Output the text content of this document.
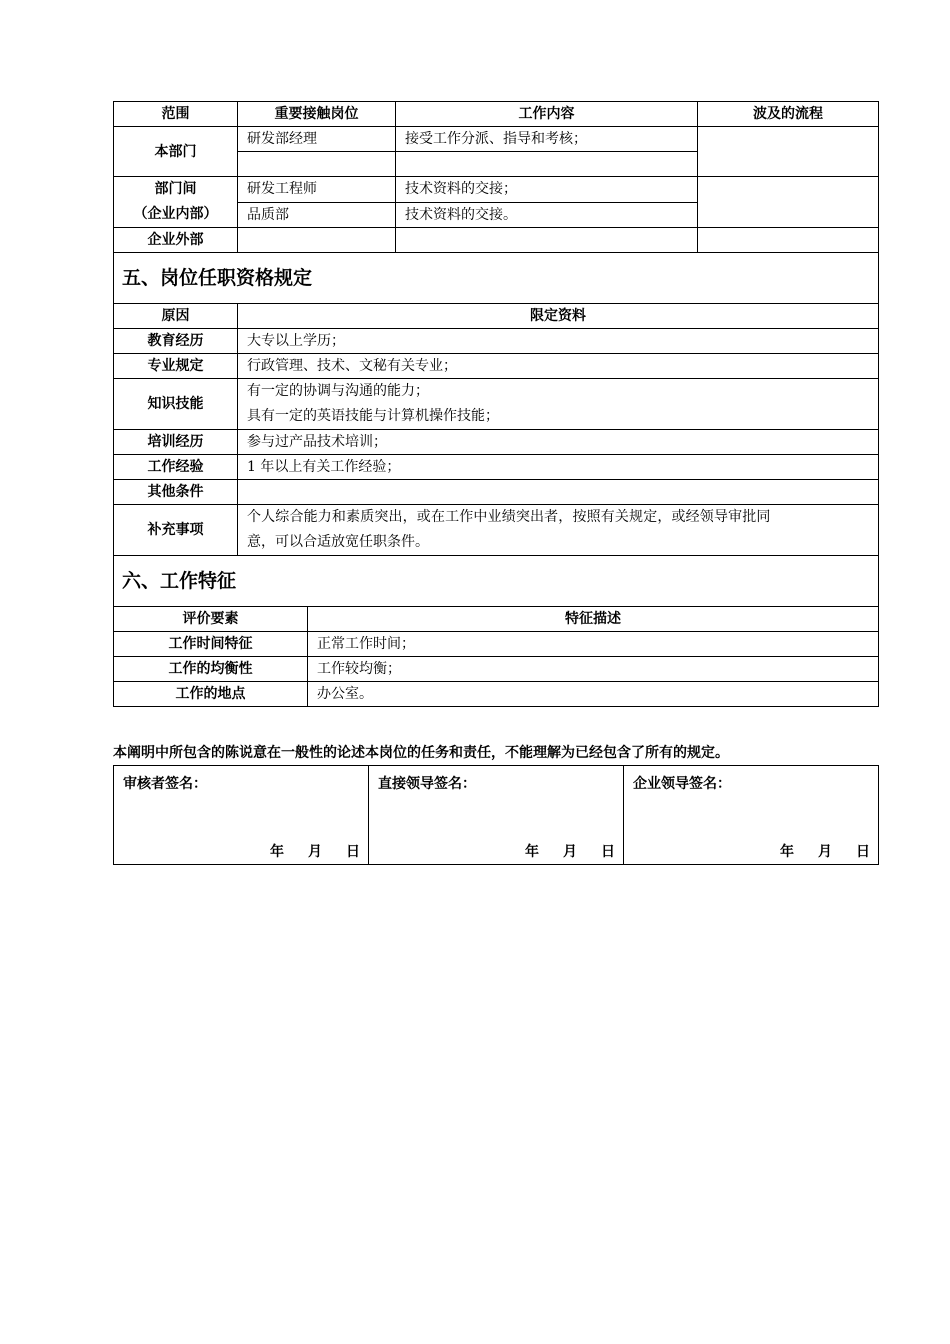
范围	重要接触岗位		工作内容	波及的流程
本部门	研发部经理		接受工作分派、指导和考核；	

部门间
（企业内部）	研发工程师		技术资料的交接；	
	品质部		技术资料的交接。	
企业外部				
五、岗位任职资格规定				
原因	限定资料			
教育经历	大专以上学历；			
专业规定	行政管理、技术、文秘有关专业；			
知识技能	有一定的协调与沟通的能力；
具有一定的英语技能与计算机操作技能；			

培训经历	参与过产品技术培训；			
工作经验	1 年以上有关工作经验；			
其他条件				
补充事项	个人综合能力和素质突出，或在工作中业绩突出者，按照有关规定，或经领导审批同
意，可以合适放宽任职条件。			

六、工作特征				
评价要素		特征描述		
工作时间特征		正常工作时间；		
工作的均衡性		工作较均衡；		
工作的地点		办公室。		
本阐明中所包含的陈说意在一般性的论述本岗位的任务和责任，不能理解为已经包含了所有的规定。
审核者签名：
年 月 日

直接领导签名：
年 月 日

企业领导签名：
年 月 日
